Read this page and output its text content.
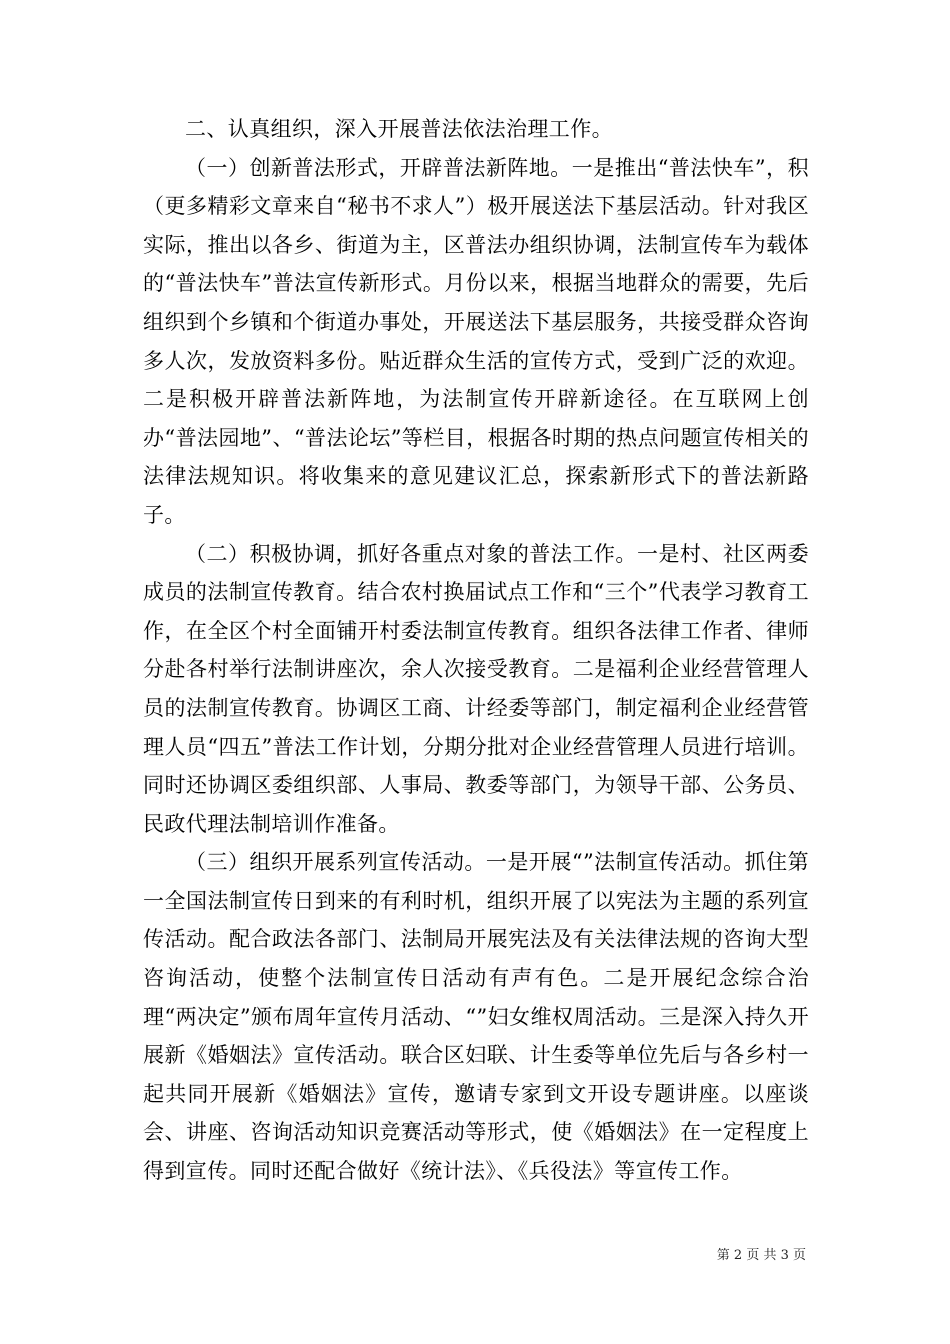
二、认真组织，深入开展普法依法治理工作。

（一）创新普法形式，开辟普法新阵地。一是推出“普法快车”，积（更多精彩文章来自“秘书不求人”）极开展送法下基层活动。针对我区实际，推出以各乡、街道为主，区普法办组织协调，法制宣传车为载体的“普法快车”普法宣传新形式。月份以来，根据当地群众的需要，先后组织到个乡镇和个街道办事处，开展送法下基层服务，共接受群众咨询多人次，发放资料多份。贴近群众生活的宣传方式，受到广泛的欢迎。二是积极开辟普法新阵地，为法制宣传开辟新途径。在互联网上创办“普法园地”、“普法论坛”等栏目，根据各时期的热点问题宣传相关的法律法规知识。将收集来的意见建议汇总，探索新形式下的普法新路子。

（二）积极协调，抓好各重点对象的普法工作。一是村、社区两委成员的法制宣传教育。结合农村换届试点工作和“三个”代表学习教育工作，在全区个村全面铺开村委法制宣传教育。组织各法律工作者、律师分赴各村举行法制讲座次，余人次接受教育。二是福利企业经营管理人员的法制宣传教育。协调区工商、计经委等部门，制定福利企业经营管理人员“四五”普法工作计划，分期分批对企业经营管理人员进行培训。同时还协调区委组织部、人事局、教委等部门，为领导干部、公务员、民政代理法制培训作准备。

（三）组织开展系列宣传活动。一是开展“”法制宣传活动。抓住第一全国法制宣传日到来的有利时机，组织开展了以宪法为主题的系列宣传活动。配合政法各部门、法制局开展宪法及有关法律法规的咨询大型咨询活动，使整个法制宣传日活动有声有色。二是开展纪念综合治理“两决定”颁布周年宣传月活动、“”妇女维权周活动。三是深入持久开展新《婚姻法》宣传活动。联合区妇联、计生委等单位先后与各乡村一起共同开展新《婚姻法》宣传，邀请专家到文开设专题讲座。以座谈会、讲座、咨询活动知识竞赛活动等形式，使《婚姻法》在一定程度上得到宣传。同时还配合做好《统计法》、《兵役法》等宣传工作。

第 2 页 共 3 页
